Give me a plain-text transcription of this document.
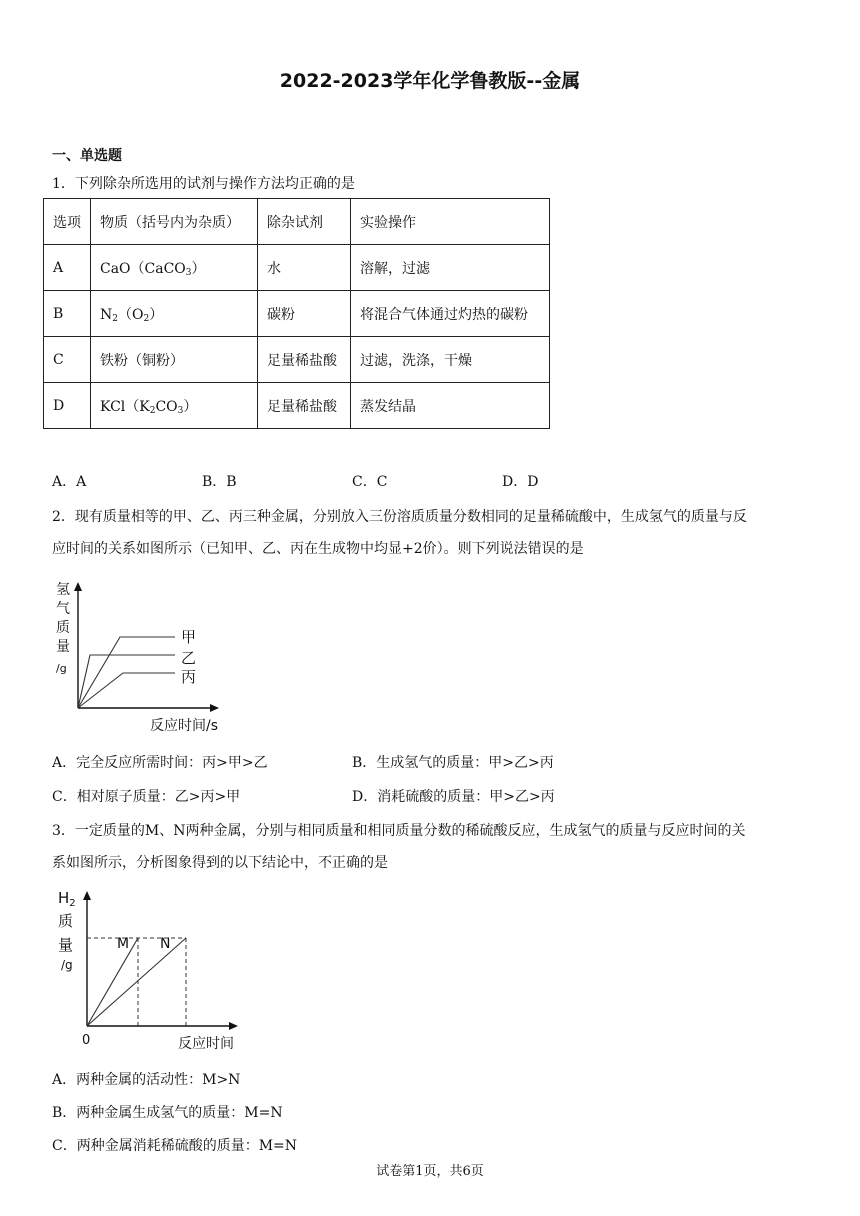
2022-2023学年化学鲁教版--金属
一、单选题
1．下列除杂所选用的试剂与操作方法均正确的是
选项	物质（括号内为杂质）	除杂试剂	实验操作
A	CaO（CaCO$_3$）	水	溶解，过滤
B	$N_2(O_2)$	碳粉	将混合气体通过灼热的碳粉
C	铁粉（铜粉）	足量稀盐酸	过滤，洗涤，干燥
D	$KCl(K_2CO_3)$	足量稀盐酸	蒸发结晶
A．A	B．B	C．C	D．D
2．现有质量相等的甲、乙、丙三种金属，分别放入三份溶质质量分数相同的足量稀硫酸中，生成氢气的质量与反
应时间的关系如图所示（已知甲、乙、丙在生成物中均显+2价）。则下列说法错误的是
氢
气
质
量
/g
甲
乙
丙
反应时间/s
A．完全反应所需时间：丙>甲>乙	B．生成氢气的质量：甲>乙>丙
C．相对原子质量：乙>丙>甲	D．消耗硫酸的质量：甲>乙>丙
3．一定质量的M、N两种金属，分别与相同质量和相同质量分数的稀硫酸反应，生成氢气的质量与反应时间的关
系如图所示，分析图象得到的以下结论中，不正确的是
$H_2$
质
量
/g
M N
0	反应时间
A．两种金属的活动性：M>N
B．两种金属生成氢气的质量：M=N
C．两种金属消耗稀硫酸的质量：M=N
试卷第1页，共6页
